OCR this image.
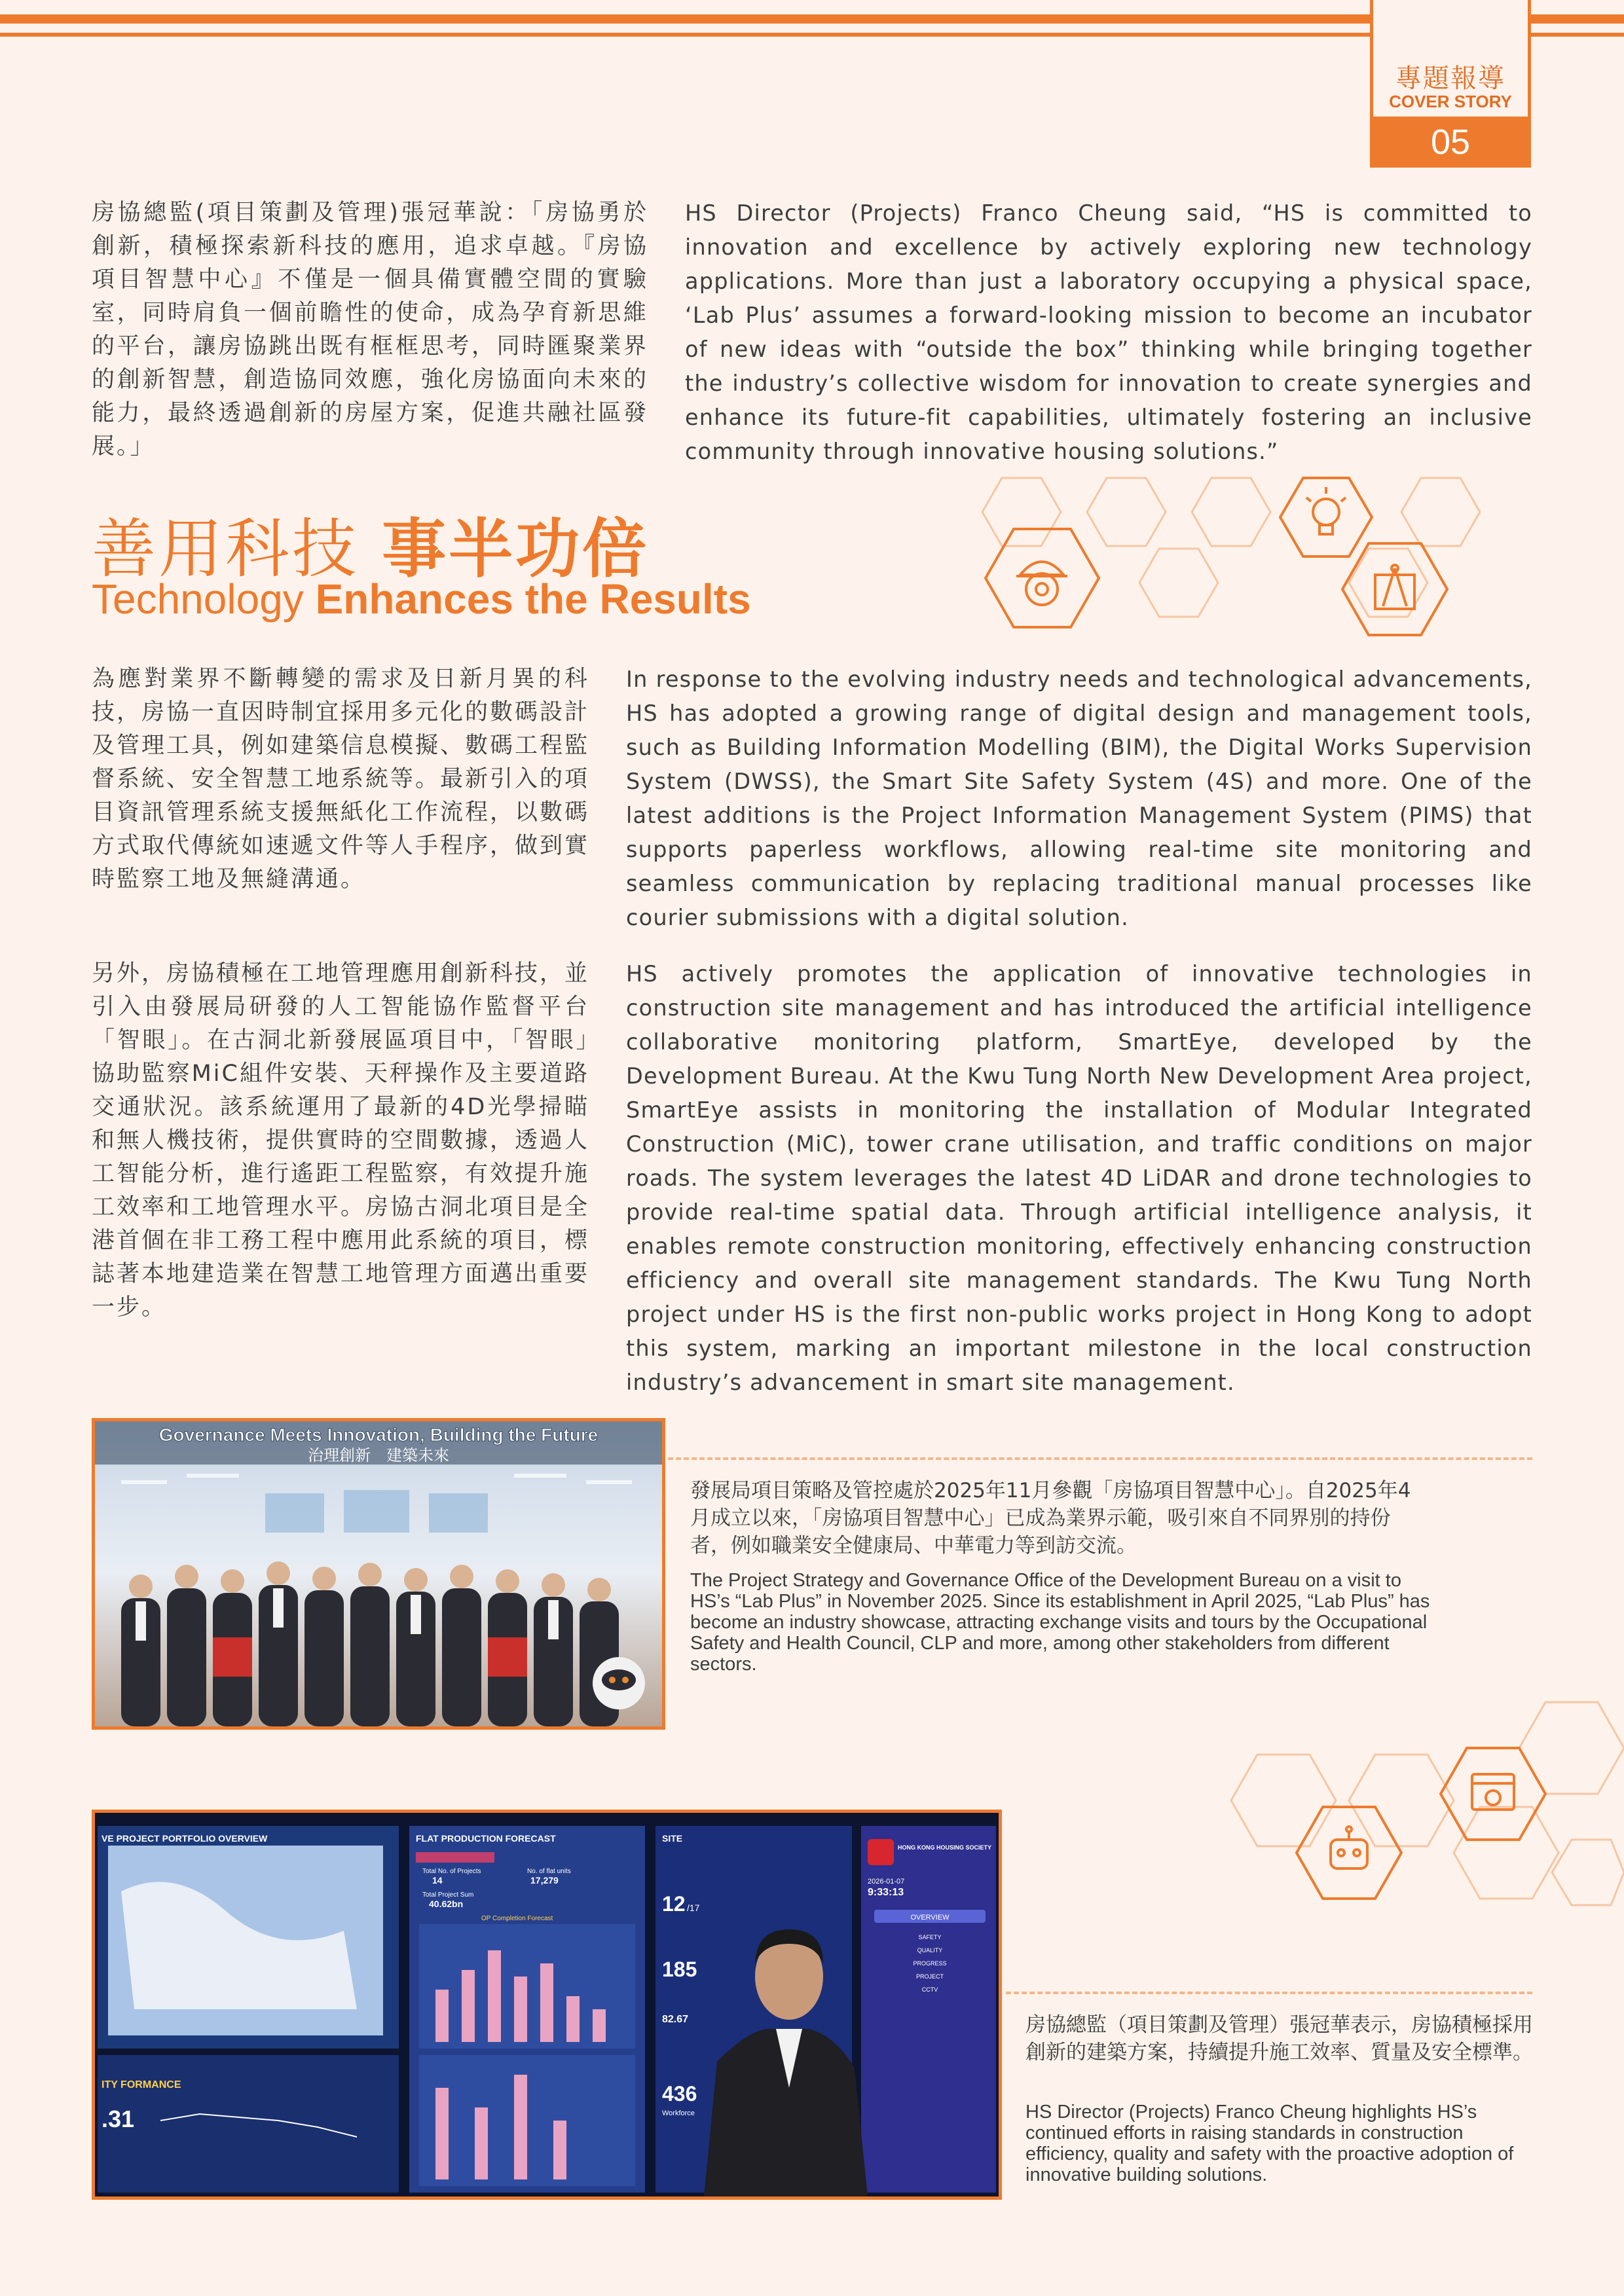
專題報導
COVER STORY
05
房協總監(項目策劃及管理)張冠華說：「房協勇於創新，積極探索新科技的應用，追求卓越。『房協項目智慧中心』不僅是一個具備實體空間的實驗室，同時肩負一個前瞻性的使命，成為孕育新思維的平台，讓房協跳出既有框框思考，同時匯聚業界的創新智慧，創造協同效應，強化房協面向未來的能力，最終透過創新的房屋方案，促進共融社區發展。」
HS Director (Projects) Franco Cheung said, “HS is committed to innovation and excellence by actively exploring new technology applications. More than just a laboratory occupying a physical space, ‘Lab Plus’ assumes a forward-looking mission to become an incubator of new ideas with “outside the box” thinking while bringing together the industry’s collective wisdom for innovation to create synergies and enhance its future-fit capabilities, ultimately fostering an inclusive community through innovative housing solutions.”
善用科技 事半功倍
Technology Enhances the Results
為應對業界不斷轉變的需求及日新月異的科技，房協一直因時制宜採用多元化的數碼設計及管理工具，例如建築信息模擬、數碼工程監督系統、安全智慧工地系統等。最新引入的項目資訊管理系統支援無紙化工作流程，以數碼方式取代傳統如速遞文件等人手程序，做到實時監察工地及無縫溝通。
In response to the evolving industry needs and technological advancements, HS has adopted a growing range of digital design and management tools, such as Building Information Modelling (BIM), the Digital Works Supervision System (DWSS), the Smart Site Safety System (4S) and more. One of the latest additions is the Project Information Management System (PIMS) that supports paperless workflows, allowing real-time site monitoring and seamless communication by replacing traditional manual processes like courier submissions with a digital solution.
另外，房協積極在工地管理應用創新科技，並引入由發展局研發的人工智能協作監督平台「智眼」。在古洞北新發展區項目中，「智眼」協助監察MiC組件安裝、天秤操作及主要道路交通狀況。該系統運用了最新的4D光學掃瞄和無人機技術，提供實時的空間數據，透過人工智能分析，進行遙距工程監察，有效提升施工效率和工地管理水平。房協古洞北項目是全港首個在非工務工程中應用此系統的項目，標誌著本地建造業在智慧工地管理方面邁出重要一步。
HS actively promotes the application of innovative technologies in construction site management and has introduced the artificial intelligence collaborative monitoring platform, SmartEye, developed by the Development Bureau. At the Kwu Tung North New Development Area project, SmartEye assists in monitoring the installation of Modular Integrated Construction (MiC), tower crane utilisation, and traffic conditions on major roads. The system leverages the latest 4D LiDAR and drone technologies to provide real-time spatial data. Through artificial intelligence analysis, it enables remote construction monitoring, effectively enhancing construction efficiency and overall site management standards. The Kwu Tung North project under HS is the first non-public works project in Hong Kong to adopt this system, marking an important milestone in the local construction industry’s advancement in smart site management.
Governance Meets Innovation, Building the Future
治理創新　建築未來
發展局項目策略及管控處於2025年11月參觀「房協項目智慧中心」。自2025年4月成立以來，「房協項目智慧中心」已成為業界示範，吸引來自不同界別的持份者，例如職業安全健康局、中華電力等到訪交流。
The Project Strategy and Governance Office of the Development Bureau on a visit to HS’s “Lab Plus” in November 2025. Since its establishment in April 2025, “Lab Plus” has become an industry showcase, attracting exchange visits and tours by the Occupational Safety and Health Council, CLP and more, among other stakeholders from different sectors.
VE PROJECT PORTFOLIO OVERVIEW
ITY FORMANCE
.31
FLAT PRODUCTION FORECAST
Total No. of Projects
14
No. of flat units
17,279
Total Project Sum
40.62bn
OP Completion Forecast
SITE
12 /17
185
82.67
436
Workforce
HONG KONG HOUSING SOCIETY
2026-01-07
9:33:13
OVERVIEW
SAFETY
QUALITY
PROGRESS
PROJECT
CCTV
房協總監（項目策劃及管理）張冠華表示，房協積極採用創新的建築方案，持續提升施工效率、質量及安全標準。
HS Director (Projects) Franco Cheung highlights HS’s continued efforts in raising standards in construction efficiency, quality and safety with the proactive adoption of innovative building solutions.
